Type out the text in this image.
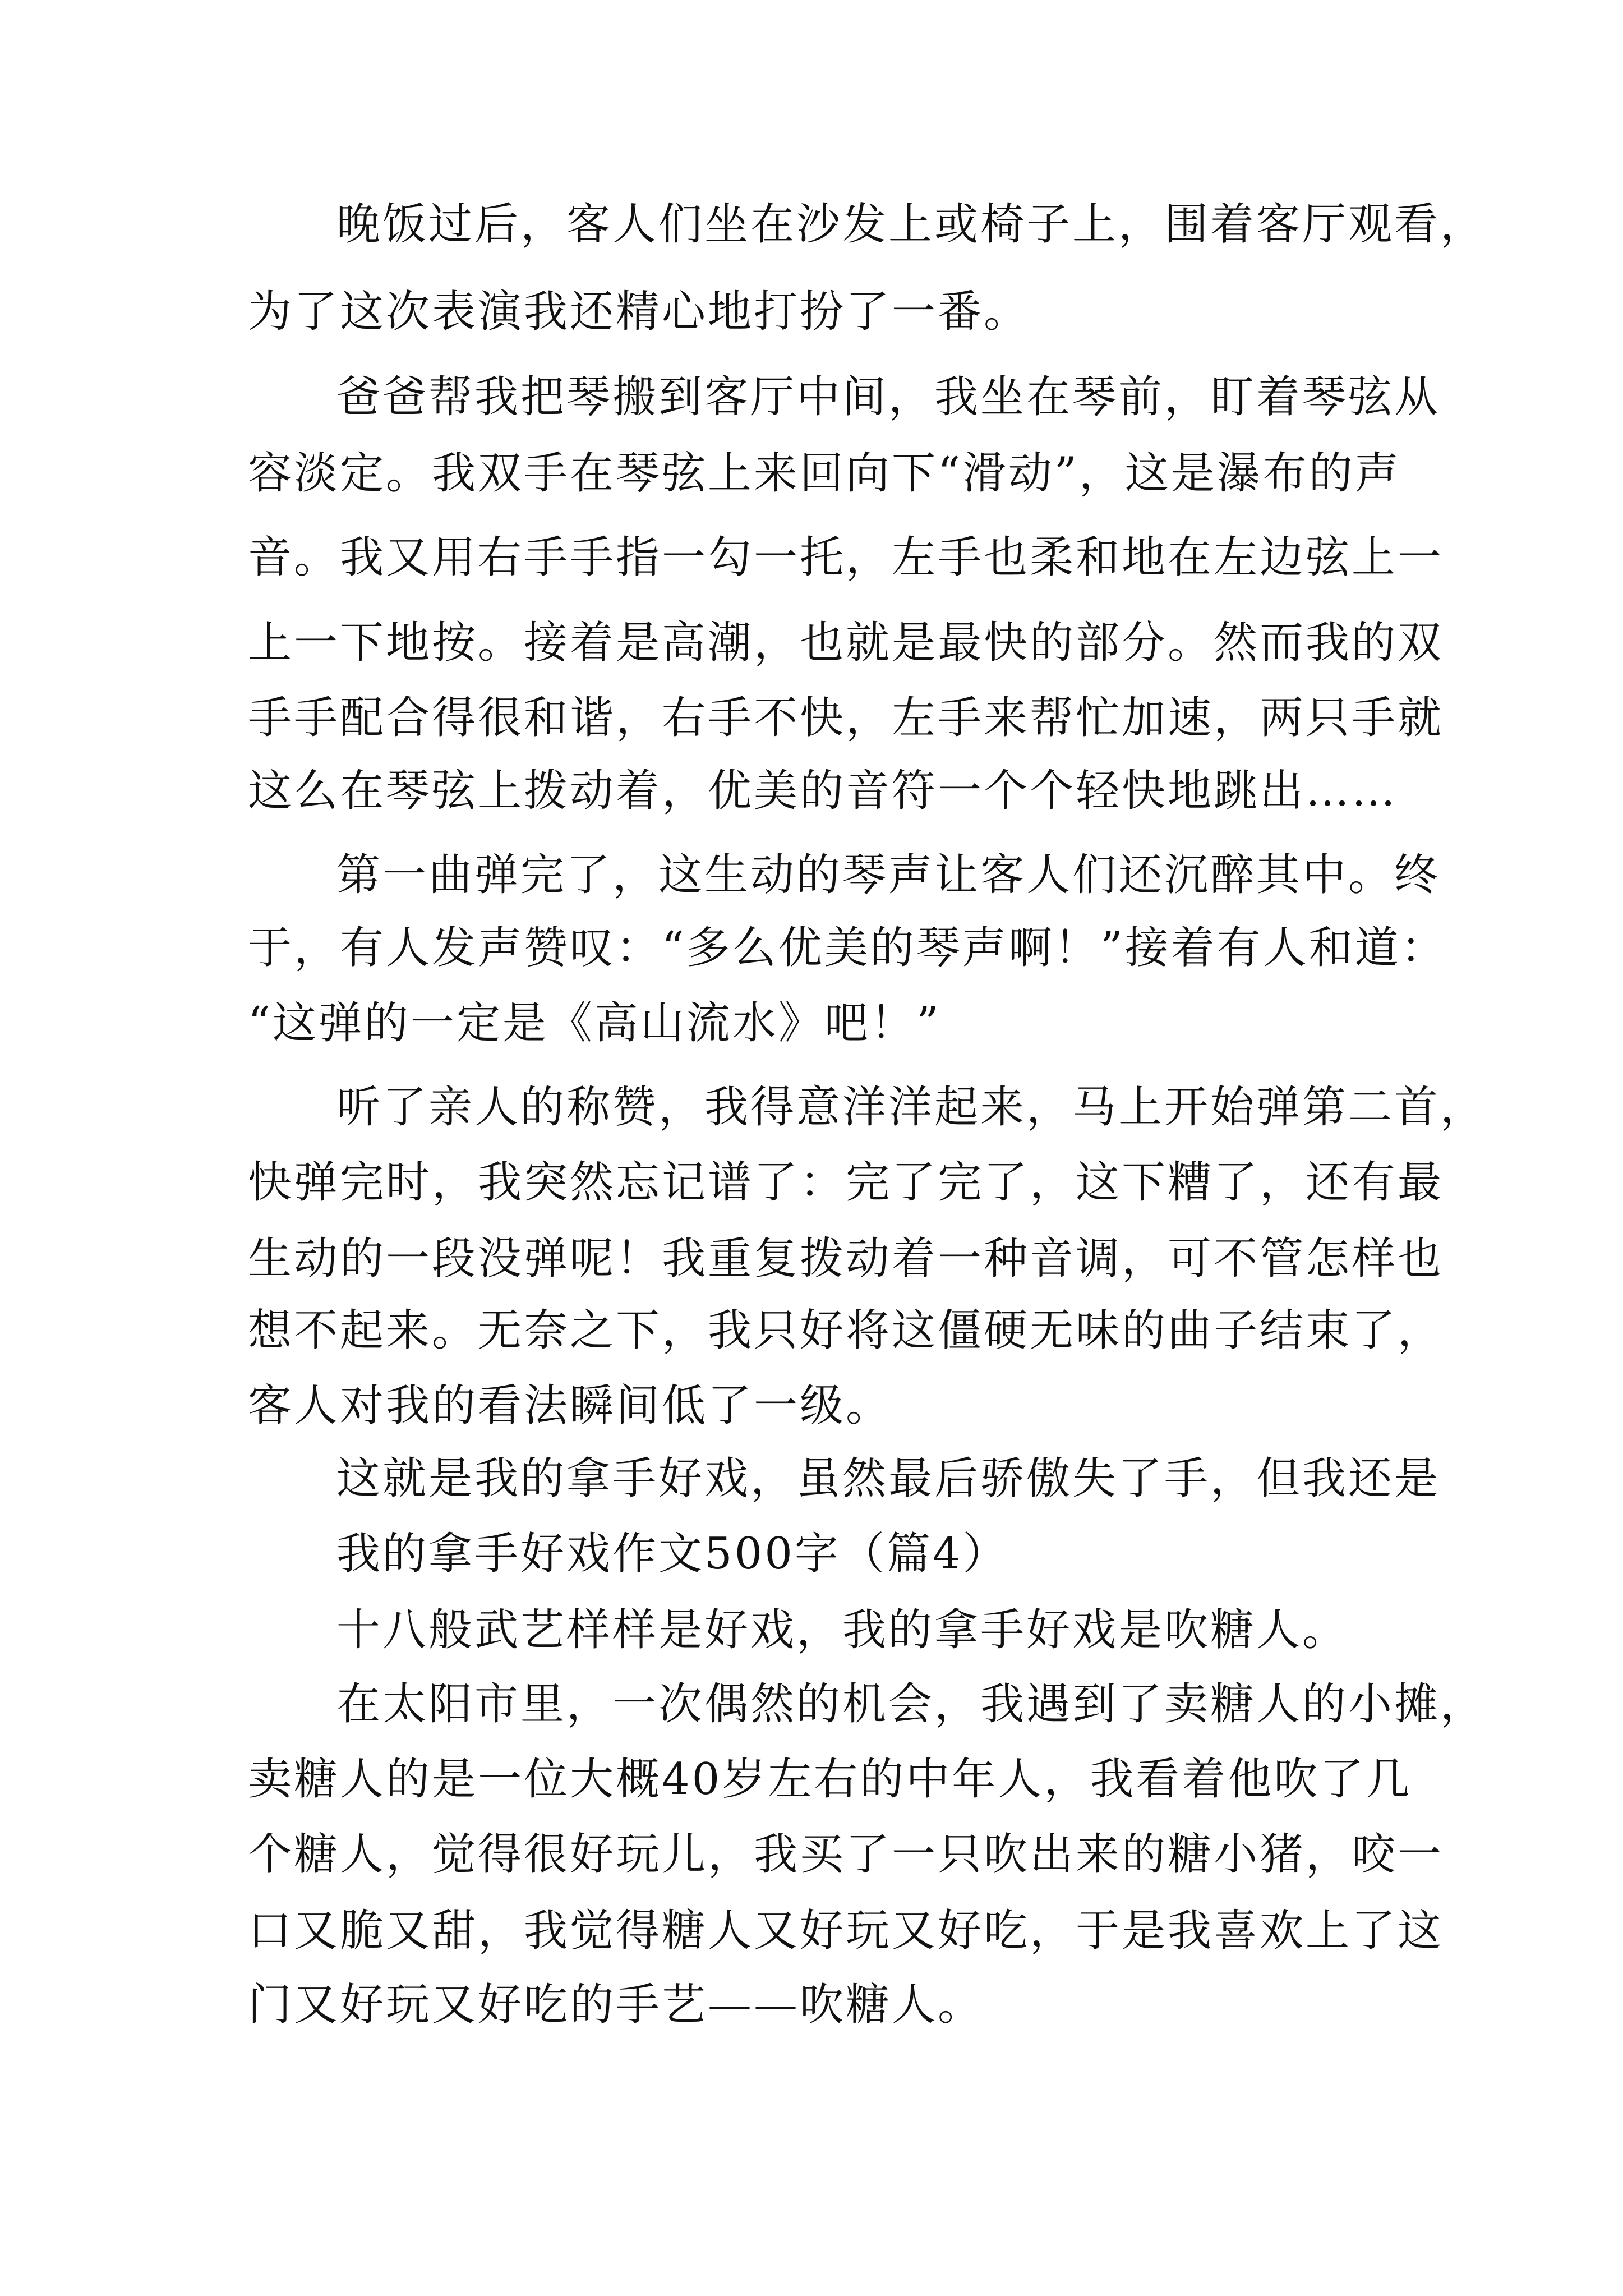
晚饭过后，客人们坐在沙发上或椅子上，围着客厅观看，

为了这次表演我还精心地打扮了一番。

爸爸帮我把琴搬到客厅中间，我坐在琴前，盯着琴弦从

容淡定。我双手在琴弦上来回向下“滑动”，这是瀑布的声

音。我又用右手手指一勾一托，左手也柔和地在左边弦上一

上一下地按。接着是高潮，也就是最快的部分。然而我的双

手手配合得很和谐，右手不快，左手来帮忙加速，两只手就

这么在琴弦上拨动着，优美的音符一个个轻快地跳出……

第一曲弹完了，这生动的琴声让客人们还沉醉其中。终

于，有人发声赞叹：“多么优美的琴声啊！”接着有人和道：

“这弹的一定是《高山流水》吧！”

听了亲人的称赞，我得意洋洋起来，马上开始弹第二首，

快弹完时，我突然忘记谱了：完了完了，这下糟了，还有最

生动的一段没弹呢！我重复拨动着一种音调，可不管怎样也

想不起来。无奈之下，我只好将这僵硬无味的曲子结束了，

客人对我的看法瞬间低了一级。

这就是我的拿手好戏，虽然最后骄傲失了手，但我还是

我的拿手好戏作文500字（篇4）

十八般武艺样样是好戏，我的拿手好戏是吹糖人。

在太阳市里，一次偶然的机会，我遇到了卖糖人的小摊，

卖糖人的是一位大概40岁左右的中年人，我看着他吹了几

个糖人，觉得很好玩儿，我买了一只吹出来的糖小猪，咬一

口又脆又甜，我觉得糖人又好玩又好吃，于是我喜欢上了这

门又好玩又好吃的手艺——吹糖人。
